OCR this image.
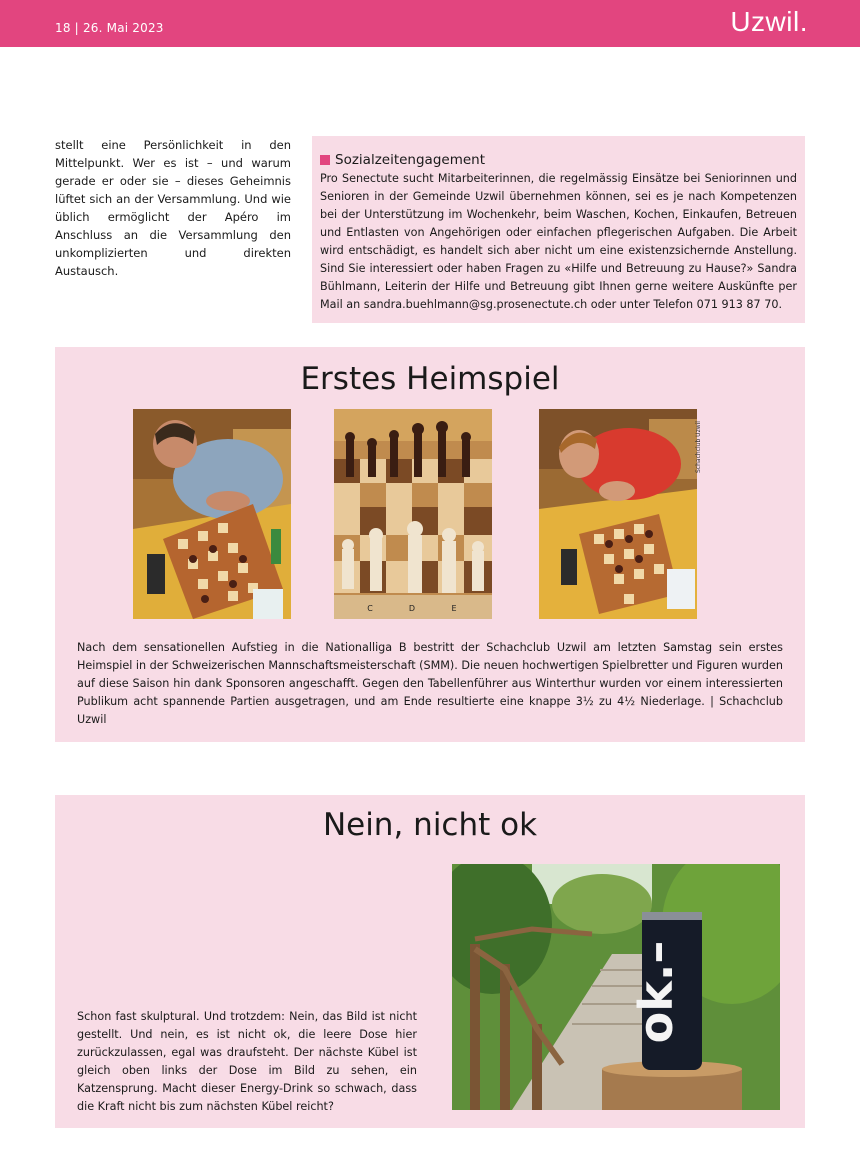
18 | 26. Mai 2023	Uzwil.
stellt eine Persönlichkeit in den Mittelpunkt. Wer es ist – und warum gerade er oder sie – dieses Geheimnis lüftet sich an der Versammlung. Und wie üblich ermöglicht der Apéro im Anschluss an die Versammlung den unkomplizierten und direkten Austausch.
Sozialzeitengagement
Pro Senectute sucht Mitarbeiterinnen, die regelmässig Einsätze bei Seniorinnen und Senioren in der Gemeinde Uzwil übernehmen können, sei es je nach Kompetenzen bei der Unterstützung im Wochenkehr, beim Waschen, Kochen, Einkaufen, Betreuen und Entlasten von Angehörigen oder einfachen pflegerischen Aufgaben. Die Arbeit wird entschädigt, es handelt sich aber nicht um eine existenzsichernde Anstellung. Sind Sie interessiert oder haben Fragen zu «Hilfe und Betreuung zu Hause?» Sandra Bühlmann, Leiterin der Hilfe und Betreuung gibt Ihnen gerne weitere Auskünfte per Mail an sandra.buehlmann@sg.prosenectute.ch oder unter Telefon 071 913 87 70.
Erstes Heimspiel
C	D	E
Schachclub Uzwil
Nach dem sensationellen Aufstieg in die Nationalliga B bestritt der Schachclub Uzwil am letzten Samstag sein erstes Heimspiel in der Schweizerischen Mannschaftsmeisterschaft (SMM). Die neuen hochwertigen Spielbretter und Figuren wurden auf diese Saison hin dank Sponsoren angeschafft. Gegen den Tabellenführer aus Winterthur wurden vor einem interessierten Publikum acht spannende Partien ausgetragen, und am Ende resultierte eine knappe 3½ zu 4½ Niederlage. | Schachclub Uzwil
Nein, nicht ok
Schon fast skulptural. Und trotzdem: Nein, das Bild ist nicht gestellt. Und nein, es ist nicht ok, die leere Dose hier zurückzulassen, egal was draufsteht. Der nächste Kübel ist gleich oben links der Dose im Bild zu sehen, ein Katzensprung. Macht dieser Energy-Drink so schwach, dass die Kraft nicht bis zum nächsten Kübel reicht?
ok.–
